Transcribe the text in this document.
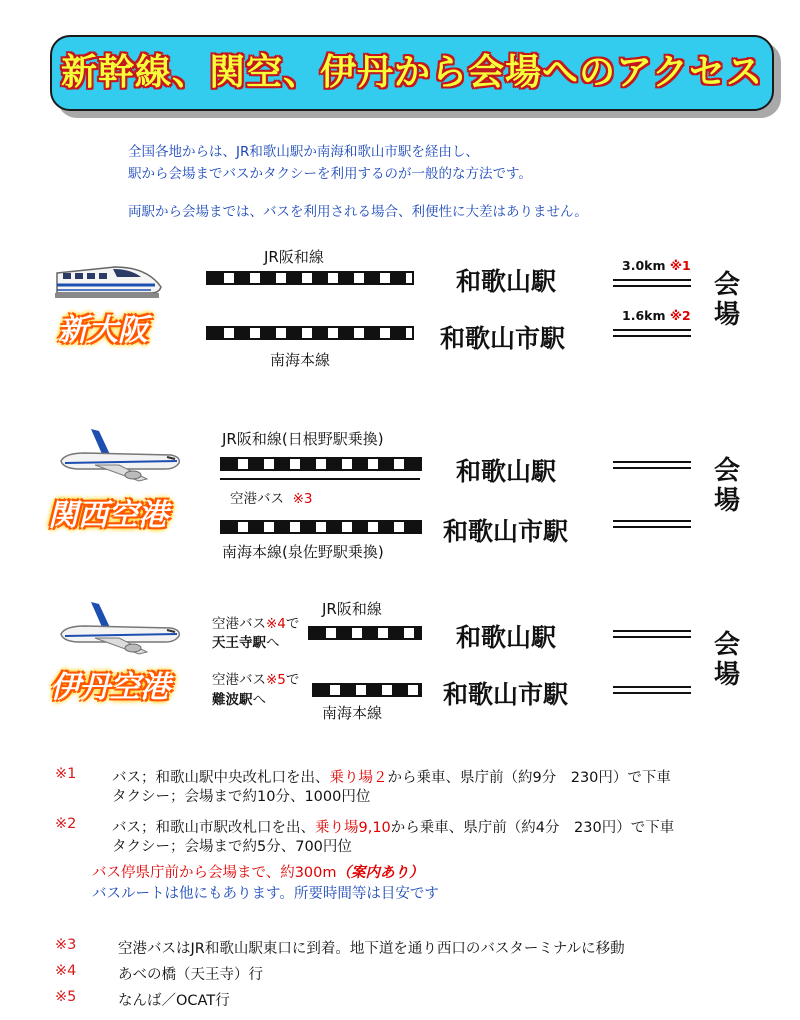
新幹線、関空、伊丹から会場へのアクセス
全国各地からは、JR和歌山駅か南海和歌山市駅を経由し、
駅から会場までバスかタクシーを利用するのが一般的な方法です。
両駅から会場までは、バスを利用される場合、利便性に大差はありません。
新大阪
JR阪和線
和歌山駅
南海本線
和歌山市駅
3.0km ※1
1.6km ※2
会場
関西空港
JR阪和線(日根野駅乗換)
空港バス ※3
和歌山駅
南海本線(泉佐野駅乗換)
和歌山市駅
会場
伊丹空港
空港バス※4で
天王寺駅へ
JR阪和線
和歌山駅
空港バス※5で
難波駅へ
南海本線
和歌山市駅
会場
※1 バス；和歌山駅中央改札口を出、乗り場２から乗車、県庁前（約9分　230円）で下車
タクシー；会場まで約10分、1000円位
※2 バス；和歌山市駅改札口を出、乗り場9,10から乗車、県庁前（約4分　230円）で下車
タクシー；会場まで約5分、700円位
バス停県庁前から会場まで、約300m（案内あり）
バスルートは他にもあります。所要時間等は目安です
※3	空港バスはJR和歌山駅東口に到着。地下道を通り西口のバスターミナルに移動
※4	あべの橋（天王寺）行
※5	なんば／OCAT行
